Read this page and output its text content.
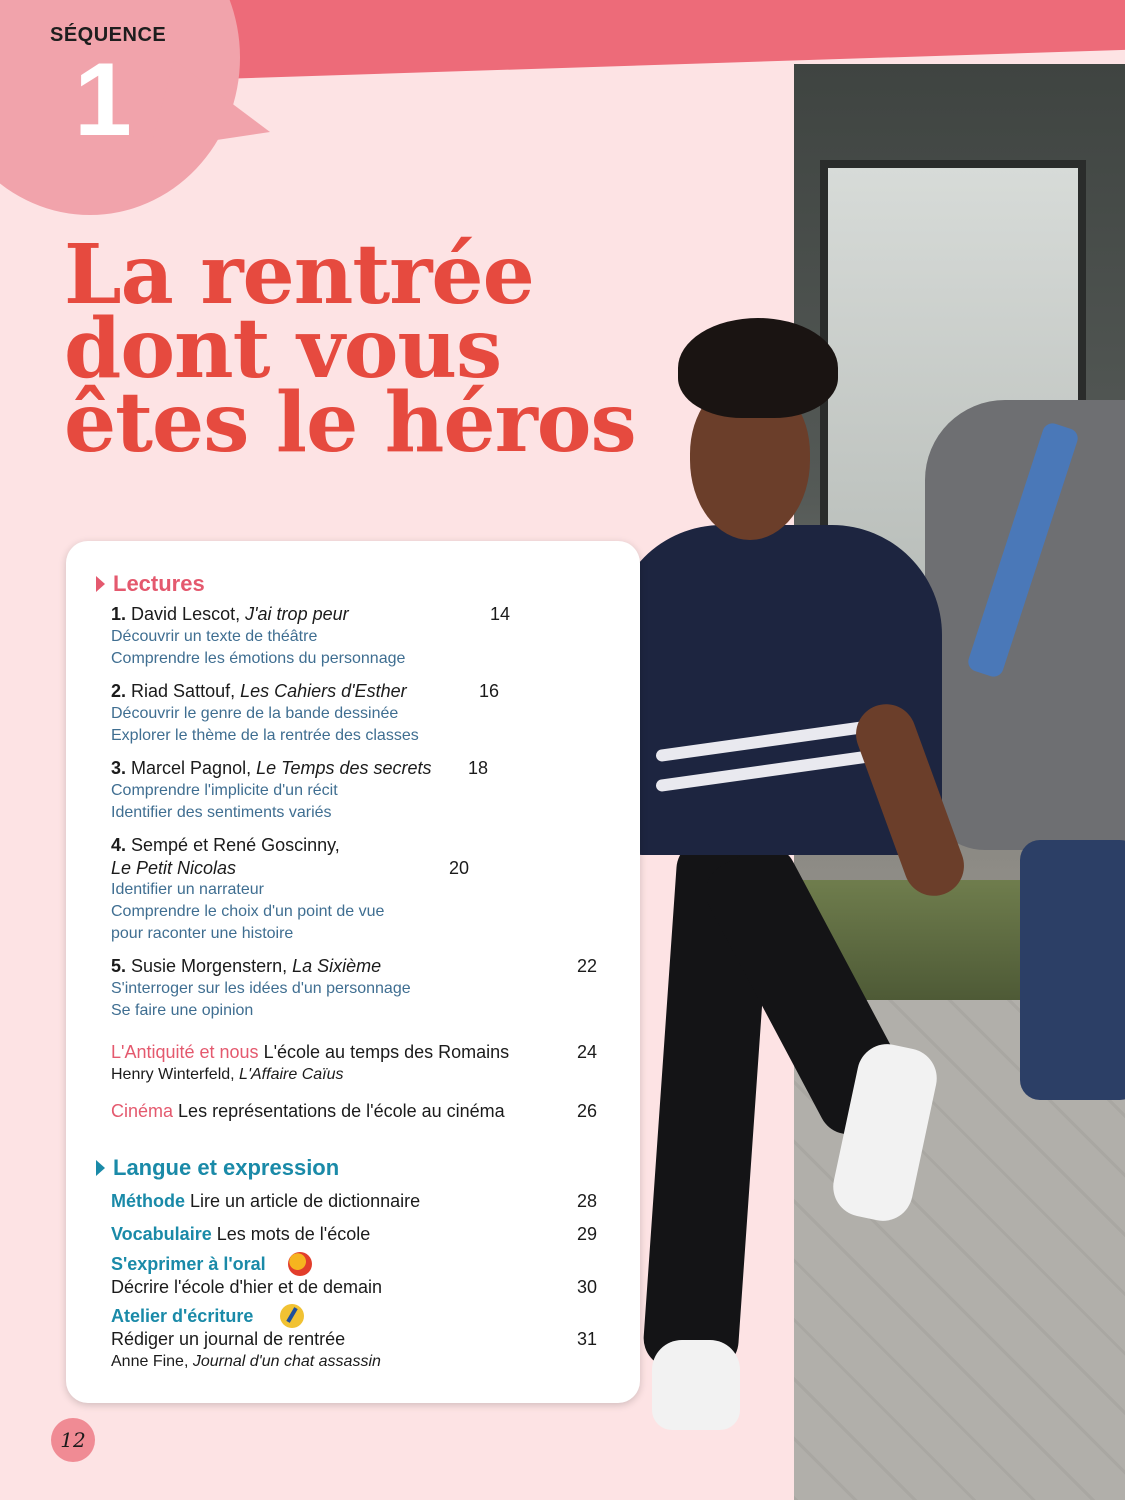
SÉQUENCE
1
La rentrée
dont vous
êtes le héros
Lectures
1. David Lescot, J'ai trop peur	14
Découvrir un texte de théâtre
Comprendre les émotions du personnage
2. Riad Sattouf, Les Cahiers d'Esther	16
Découvrir le genre de la bande dessinée
Explorer le thème de la rentrée des classes
3. Marcel Pagnol, Le Temps des secrets 18
Comprendre l'implicite d'un récit
Identifier des sentiments variés
4. Sempé et René Goscinny,
Le Petit Nicolas	20
Identifier un narrateur
Comprendre le choix d'un point de vue
pour raconter une histoire
5. Susie Morgenstern, La Sixième	22
S'interroger sur les idées d'un personnage
Se faire une opinion
L'Antiquité et nous L'école au temps des Romains	24
Henry Winterfeld, L'Affaire Caïus
Cinéma Les représentations de l'école au cinéma	26
Langue et expression
Méthode Lire un article de dictionnaire	28
Vocabulaire Les mots de l'école	29
S'exprimer à l'oral
Décrire l'école d'hier et de demain	30
Atelier d'écriture
Rédiger un journal de rentrée	31
Anne Fine, Journal d'un chat assassin
12
